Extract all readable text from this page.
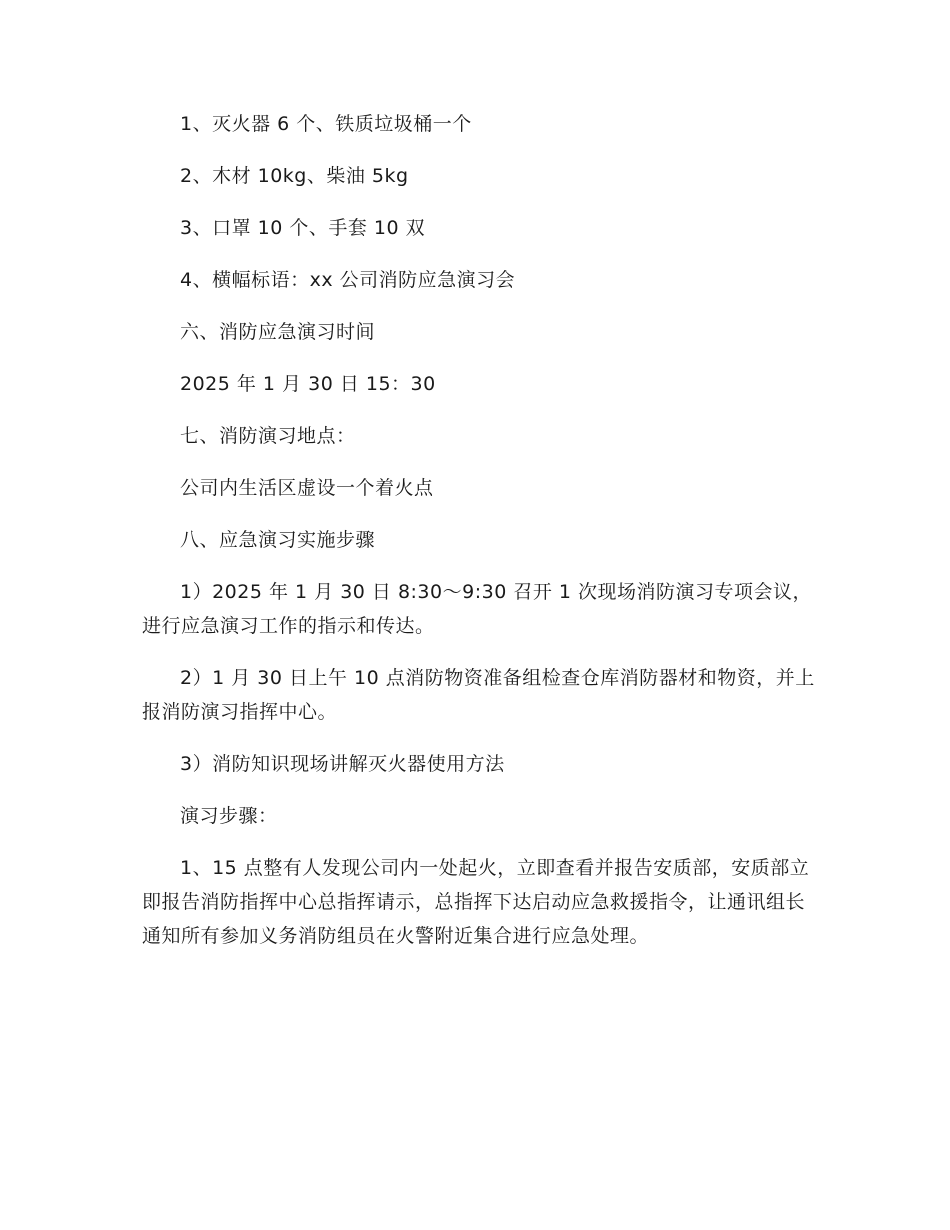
1、灭火器 6 个、铁质垃圾桶一个

2、木材 10kg、柴油 5kg

3、口罩 10 个、手套 10 双

4、横幅标语：xx 公司消防应急演习会

六、消防应急演习时间

2025 年 1 月 30 日 15：30

七、消防演习地点：

公司内生活区虚设一个着火点

八、应急演习实施步骤

1）2025 年 1 月 30 日 8:30～9:30 召开 1 次现场消防演习专项会议，进行应急演习工作的指示和传达。

2）1 月 30 日上午 10 点消防物资准备组检查仓库消防器材和物资，并上报消防演习指挥中心。

3）消防知识现场讲解灭火器使用方法

演习步骤：

1、15 点整有人发现公司内一处起火，立即查看并报告安质部，安质部立即报告消防指挥中心总指挥请示，总指挥下达启动应急救援指令，让通讯组长通知所有参加义务消防组员在火警附近集合进行应急处理。
